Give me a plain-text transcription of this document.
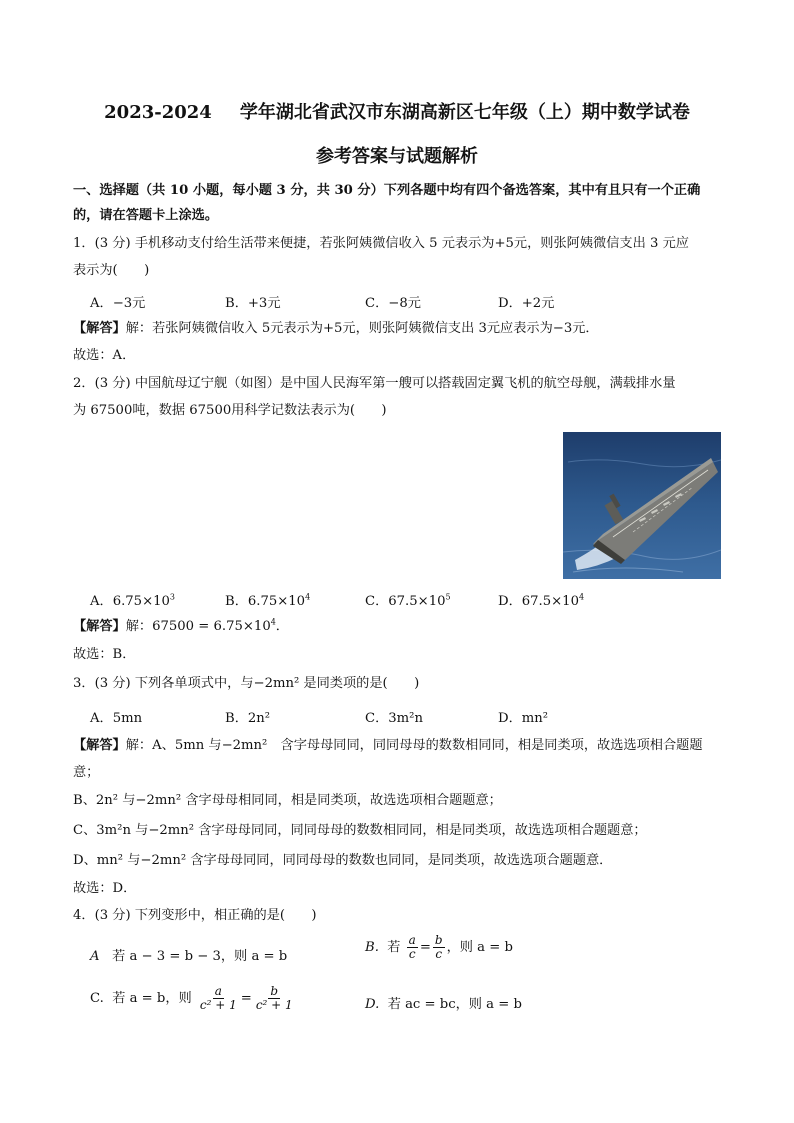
2023-2024 学年湖北省武汉市东湖高新区七年级（上）期中数学试卷
参考答案与试题解析
一、选择题（共 10 小题，每小题 3 分，共 30 分）下列各题中均有四个备选答案，其中有且只有一个正确
的，请在答题卡上涂选。
1．(3 分) 手机移动支付给生活带来便捷，若张阿姨微信收入 5 元表示为+5元，则张阿姨微信支出 3 元应
表示为(　　)
A．−3元	B．+3元	C．−8元	D．+2元
【解答】解：若张阿姨微信收入 5元表示为+5元，则张阿姨微信支出 3元应表示为−3元．
故选：A．
2．(3 分) 中国航母辽宁舰（如图）是中国人民海军第一艘可以搭载固定翼飞机的航空母舰，满载排水量
为 67500吨，数据 67500用科学记数法表示为(　　)
A．$6.75\times 10^3$	B．$6.75\times 10^4$	C．$67.5\times 10^5$	D．$67.5\times 10^4$
【解答】解：$67500 = 6.75\times 10^4$．
故选：B．
3．(3 分) 下列各单项式中，与−2mn² 是同类项的是(　　)
A．5mn	B．2n²	C．3m²n	D．mn²
【解答】解：A、5mn 与−2mn²　含字母母同同，同同母母的数数相同同，相是同类项，故选选项相合题题
意；
B、2n² 与−2mn² 含字母母相同同，相是同类项，故选选项相合题题意；
C、3m²n 与−2mn² 含字母母同同，同同母母的数数相同同，相是同类项，故选选项相合题题意；
D、mn² 与−2mn² 含字母母同同，同同母母的数数也同同，是同类项，故选选项合题题意．
故选：D．
4．(3 分) 下列变形中，相正确的是(　　)
A 若 a − 3 = b − 3，则 a = b
B. 若 $\frac{a}{c} = \frac{b}{c}$ ，则 a = b
C. 若 a = b，则 $\frac{a}{\text{c² + 1}} = \frac{b}{\text{c² + 1}}$	D. 若 ac = bc，则 a = b
